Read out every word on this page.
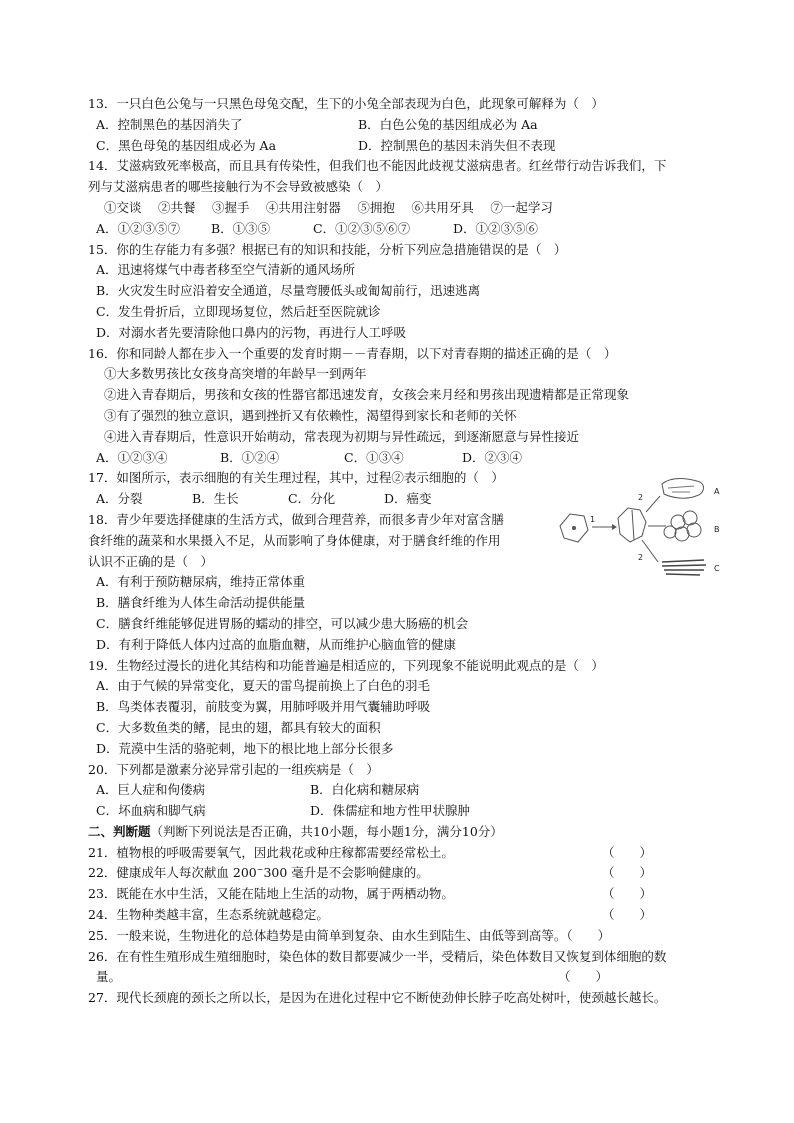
13．一只白色公兔与一只黑色母兔交配，生下的小兔全部表现为白色，此现象可解释为（　）
A．控制黑色的基因消失了	B．白色公兔的基因组成必为 Aa
C．黑色母兔的基因组成必为 Aa	D．控制黑色的基因未消失但不表现
14．艾滋病致死率极高，而且具有传染性，但我们也不能因此歧视艾滋病患者。红丝带行动告诉我们，下
列与艾滋病患者的哪些接触行为不会导致被感染（　）
①交谈　 ②共餐　 ③握手　 ④共用注射器　 ⑤拥抱　 ⑥共用牙具　 ⑦一起学习
A．①②③⑤⑦ B．①③⑤	C．①②③⑤⑥⑦	D．①②③⑤⑥
15．你的生存能力有多强？根据已有的知识和技能，分析下列应急措施错误的是（　）
A．迅速将煤气中毒者移至空气清新的通风场所
B．火灾发生时应沿着安全通道，尽量弯腰低头或匍匐前行，迅速逃离
C．发生骨折后，立即现场复位，然后赶至医院就诊
D．对溺水者先要清除他口鼻内的污物，再进行人工呼吸
16．你和同龄人都在步入一个重要的发育时期－－青春期，以下对青春期的描述正确的是（　）
①大多数男孩比女孩身高突增的年龄早一到两年
②进入青春期后，男孩和女孩的性器官都迅速发育，女孩会来月经和男孩出现遗精都是正常现象
③有了强烈的独立意识，遇到挫折又有依赖性，渴望得到家长和老师的关怀
④进入青春期后，性意识开始萌动，常表现为初期与异性疏远，到逐渐愿意与异性接近
A．①②③④	B．①②④	C．①③④	D．②③④
17．如图所示，表示细胞的有关生理过程，其中，过程②表示细胞的（　）
A．分裂	B．生长	C．分化	D．癌变
18．青少年要选择健康的生活方式，做到合理营养，而很多青少年对富含膳
食纤维的蔬菜和水果摄入不足，从而影响了身体健康，对于膳食纤维的作用
认识不正确的是（　）
A．有利于预防糖尿病，维持正常体重
B．膳食纤维为人体生命活动提供能量
C．膳食纤维能够促进胃肠的蠕动的排空，可以减少患大肠癌的机会
D．有利于降低人体内过高的血脂血糖，从而维护心脑血管的健康
19．生物经过漫长的进化其结构和功能普遍是相适应的，下列现象不能说明此观点的是（　）
A．由于气候的异常变化，夏天的雷鸟提前换上了白色的羽毛
B．鸟类体表覆羽，前肢变为翼，用肺呼吸并用气囊辅助呼吸
C．大多数鱼类的鳍，昆虫的翅，都具有较大的面积
D．荒漠中生活的骆驼刺，地下的根比地上部分长很多
20．下列都是激素分泌异常引起的一组疾病是（　）
A．巨人症和佝偻病	B．白化病和糖尿病
C．坏血病和脚气病	D．侏儒症和地方性甲状腺肿
二、判断题（判断下列说法是否正确，共10小题，每小题1分，满分10分）
21．植物根的呼吸需要氧气，因此栽花或种庄稼都需要经常松土。	（　　）
22．健康成年人每次献血 200~300 毫升是不会影响健康的。	（　　）
23．既能在水中生活，又能在陆地上生活的动物，属于两栖动物。	（　　）
24．生物种类越丰富，生态系统就越稳定。	（　　）
25．一般来说，生物进化的总体趋势是由简单到复杂、由水生到陆生、由低等到高等。（　　）
26．在有性生殖形成生殖细胞时，染色体的数目都要减少一半，受精后，染色体数目又恢复到体细胞的数
量。	（　　）
27．现代长颈鹿的颈长之所以长，是因为在进化过程中它不断使劲伸长脖子吃高处树叶，使颈越长越长。
1
2
2
A
B
C
